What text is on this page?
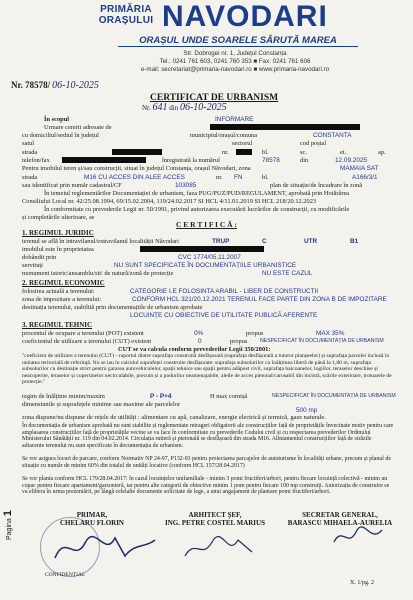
PRIMĂRIA
ORAȘULUI NAVODARI
ORAȘUL UNDE SOARELE SĂRUTĂ MAREA
Str. Dobrogei nr. 1, Județul Constanța
Tel.: 0241 761 603, 0241 760 353 ■ Fax: 0241 761 606
e-mail: secretariat@primaria-navodari.ro ■ www.primaria-navodari.ro
Nr. 78578/ 06-10-2025
CERTIFICAT DE URBANISM
Nr. 641 din 06-10-2025
În scopul	INFORMARE
Urmare cererii adresate de
cu domiciliul/sediul în județul	municipiul/orașul/comuna	CONSTANTA
satul	sectorul	cod poștal
strada	nr.	bl.	sc.	et.	ap.
telefon/fax	înregistrată la numărul	78578	din	12.09.2025
Pentru imobilul teren și/sau construcții, situat în județul Constanța, orașul Năvodari, zona	MAMAIA SAT
strada	M16 CU ACCES DIN ALEE ACCES	nr. FN	bl.	A166/3/1
sau identificat prin număr cadastral/CF	103085	plan de situație/de încadrare în zonă
În temeiul reglementărilor Documentației de urbanism, faza PUG/PUZ/PUD/REGULAMENT, aprobată prin Hotărârea
Consiliului Local nr. 42/25.08.1994, 69/15.02.2004, 119/24.02.2017 SI HCL 4/11.01.2019 SI HCL 218/20.12.2023
În conformitate cu prevederile Legii nr. 50/1991, privind autorizarea executării lucrărilor de construcții, cu modificările
și completările ulterioare, se
C E R T I F I C Ă :
1. REGIMUL JURIDIC
terenul se află în intravilanul/extravilanul localității Năvodari	TRUP	C	UTR	B1
imobilul este în proprietatea
dobândit prin	CVC 1774/05.11.2007
servituți	NU SUNT SPECIFICATE ÎN DOCUMENTAȚIILE URBANISTICE
monument istoric/ansamblu/sit/ de natură/zonă de protecție	NU ESTE CAZUL
2. REGIMUL ECONOMIC
folosirea actuală a terenului:	CATEGORIE I.E FOLOSINTA ARABIL - LIBER DE CONSTRUCTII
zona de impozitare a terenului:	CONFORM HCL 321/20.12.2021 TERENUL FACE PARTE DIN ZONA B DE IMPOZITARE
destinația terenului, stabilită prin documentațiile de urbanism aprobate
LOCUINȚE CU OBIECTIVE DE UTILITATE PUBLICĂ AFERENTE
3. REGIMUL TEHNIC
procentul de ocupare a terenului (POT) existent	0%	propus	MAX 35%
coeficientul de utilizare a terenului (CUT) existent	0	propus NESPECIFICAT ÎN DOCUMENTAȚIA DE URBANISM
CUT se va calcula conform prevederilor Legii 350/2001:
"coeficient de utilizare a terenului (CUT) - raportul dintre suprafața construită desfășurată (suprafața desfășurată a tuturor planșeelor) și suprafața parcelei inclusă în unitatea teritorială de referință. Nu se iau în calculul suprafeței construite desfășurate: suprafața subsolurilor cu înălțimea liberă de până la 1,80 m, suprafața subsolurilor cu destinație strict pentru gararea autovehiculelor, spații tehnice sau spații pentru adăpost civil, suprafața balcoanelor, logiilor, teraselor deschise și neacoperite, teraselor și copertinelor necirculabile, precum și a podurilor neamenajabile, aleile de acces pietonal/carosabil din incintă, scările exterioare, trotuarele de protecție."
regim de înălțime minim/maxim	P - P+4	H max cornișă	NESPECIFICAT ÎN DOCUMENTAȚIA DE URBANISM
dimensiunile și suprafețele minime sau maxime ale parcelelor
500 mp
zona dispune/nu dispune de rețele de utilități : alimentare cu apă, canalizare, energie electrică și termică, gaze naturale.
În documentația de urbanism aprobată nu sunt stabilite și reglementate retrageri obligatorii ale construcțiilor față de proprietățile învecinate motiv pentru care amplasarea construcțiilor față de proprietățile vecine se va face în conformitate cu prevederile Codului civil și cu respectarea prevederilor Ordinului Ministerului Sănătății nr. 119 din 04.02.2014. Circulația rutieră și pietonală se desfășoară din strada M16. Aliniamentul construcțiilor față de străzile adiacente terenului nu sunt specificate în documentația de urbanism.
Se vor asigura locuri de parcare, conform Normativ NP 24-97, P132-93 pentru proiectarea parcajelor de autoturisme în localități urbane, precum și planul de situație cu număr de minim 60% din totalul de unități locative (conform HCL 157/28.04.2017)
Se vor planta conform HCL 179/28.04.2017: în cazul locuințelor unifamiliale - minim 3 pomi fructiferi/arbori, pentru fiecare locuință colectivă - minim un copac pentru fiecare apartament/garsonieră, iar pentru alte categorii de obiective minim 1 pom pentru fiecare 100 mp construiți. Autorizația de construire se va elibera în urma prezentării, pe lângă celelalte documente solicitate de lege, a unui angajament de plantare pomi fructiferi/arbori.
PRIMAR,
CHELARU FLORIN
ARHITECT ȘEF,
ING. PETRE COSTEL MARIUS
SECRETAR GENERAL,
BARASCU MIHAELA-AURELIA
CONFIDENȚIAL
X. 1/pg. 2
Pagina 1
